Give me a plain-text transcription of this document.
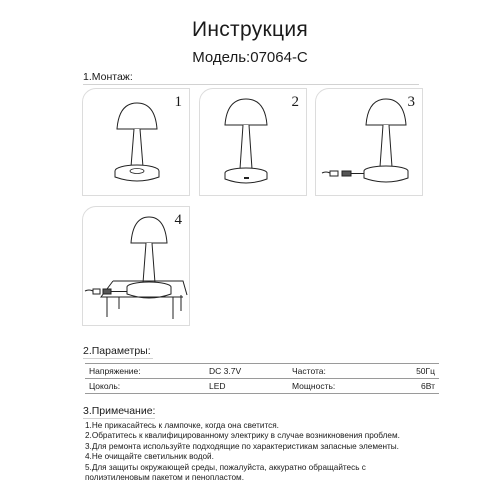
Инструкция
Модель:07064-C
1.Монтаж:
1	2	3
4
2.Параметры:
Напряжение:	DC 3.7V	Частота:	50Гц
Цоколь:	LED	Мощность:	6Вт
3.Примечание:
1.Не прикасайтесь к лампочке, когда она светится.
2.Обратитесь к квалифицированному электрику в случае возникновения проблем.
3.Для ремонта используйте подходящие по характеристикам запасные элементы.
4.Не очищайте светильник водой.
5.Для защиты окружающей среды, пожалуйста, аккуратно обращайтесь с
полиэтиленовым пакетом и пенопластом.
